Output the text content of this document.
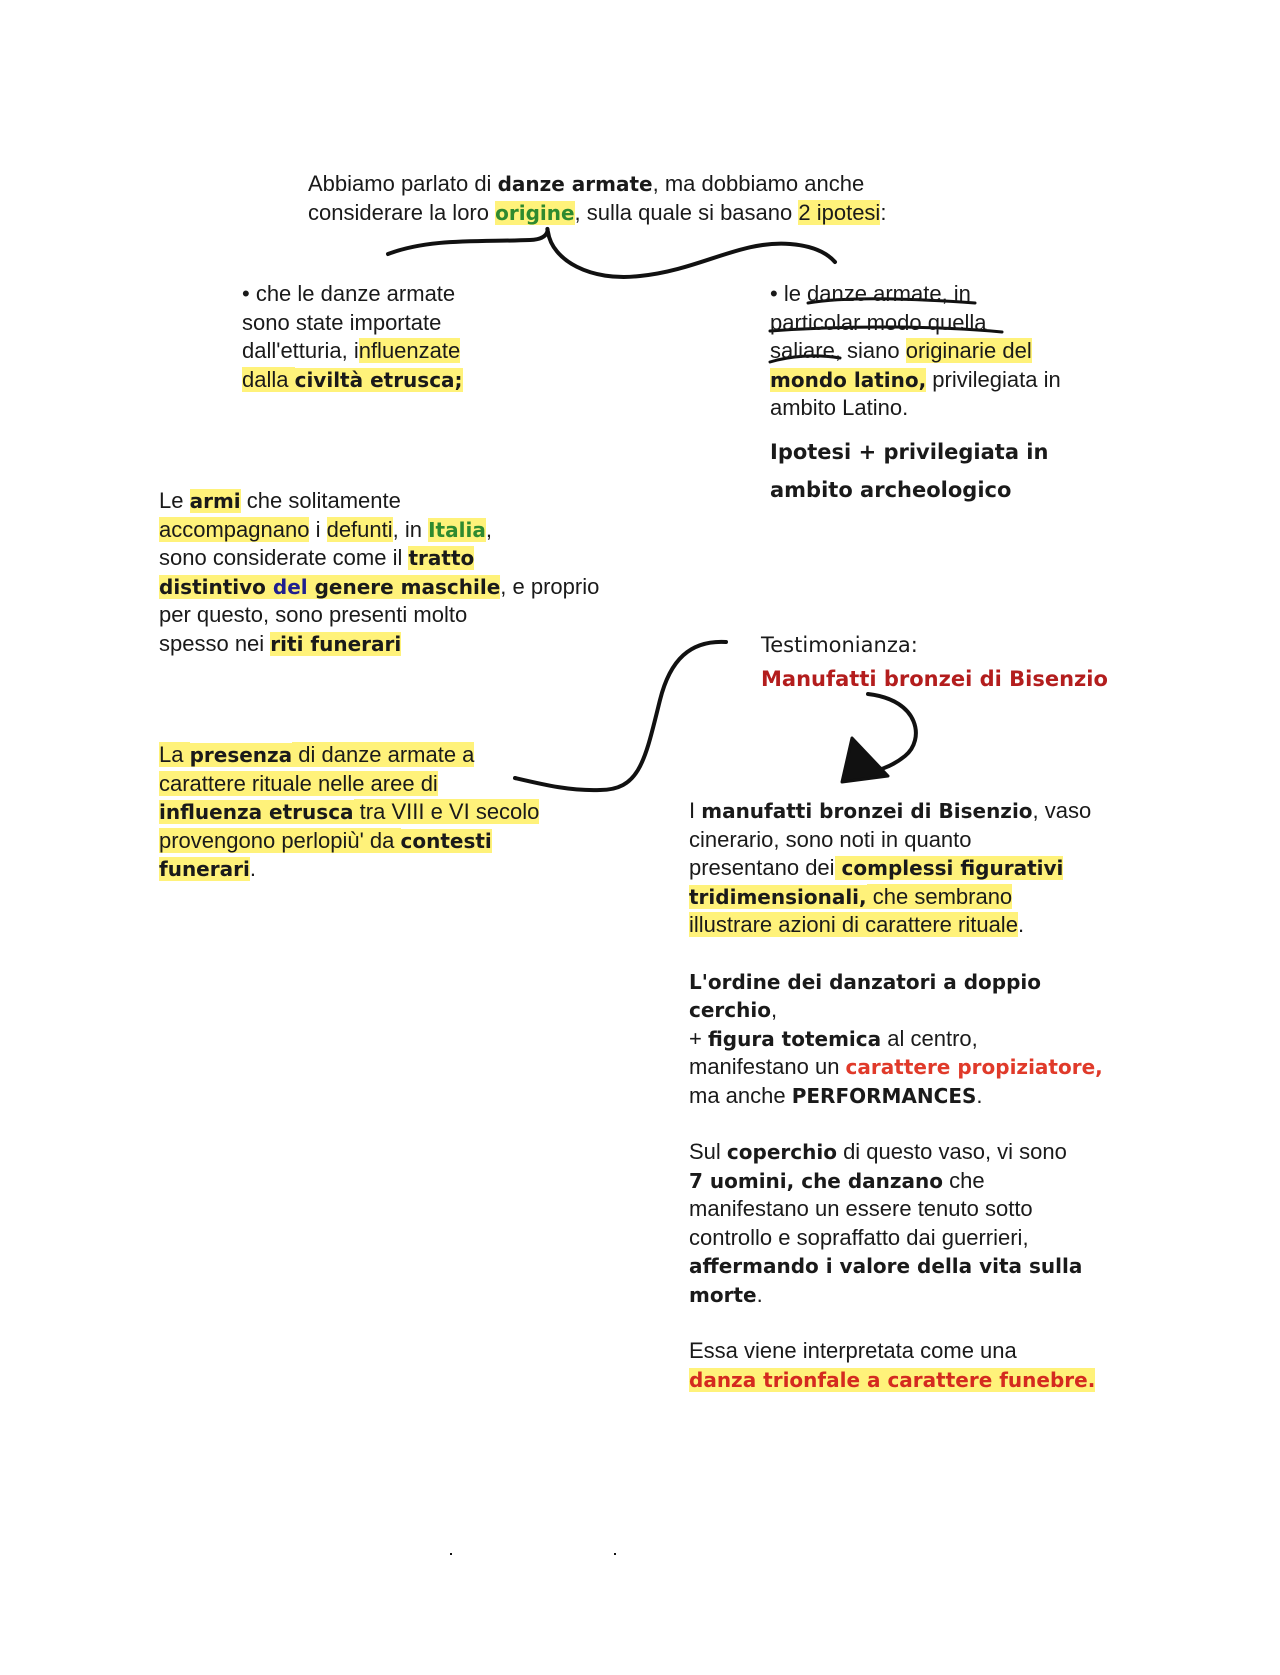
Abbiamo parlato di danze armate, ma dobbiamo anche

considerare la loro origine, sulla quale si basano 2 ipotesi:

• che le danze armate

sono state importate

dall'etturia, influenzate

dalla civiltà etrusca;

• le danze armate, in

particolar modo quella

saliare, siano originarie del

mondo latino, privilegiata in

ambito Latino.

Ipotesi + privilegiata in

ambito archeologico

Le armi che solitamente

accompagnano i defunti, in Italia,

sono considerate come il tratto

distintivo del genere maschile, e proprio

per questo, sono presenti molto

spesso nei riti funerari

La presenza di danze armate a

carattere rituale nelle aree di

influenza etrusca tra VIII e VI secolo

provengono perlopiù' da contesti

funerari.

Testimonianza:

Manufatti bronzei di Bisenzio

I manufatti bronzei di Bisenzio, vaso

cinerario, sono noti in quanto

presentano dei complessi figurativi

tridimensionali, che sembrano

illustrare azioni di carattere rituale.

L'ordine dei danzatori a doppio cerchio,

+ figura totemica al centro,

manifestano un carattere propiziatore,

ma anche PERFORMANCES.

Sul coperchio di questo vaso, vi sono

7 uomini, che danzano che

manifestano un essere tenuto sotto

controllo e sopraffatto dai guerrieri,

affermando i valore della vita sulla

morte.

Essa viene interpretata come una

danza trionfale a carattere funebre.
